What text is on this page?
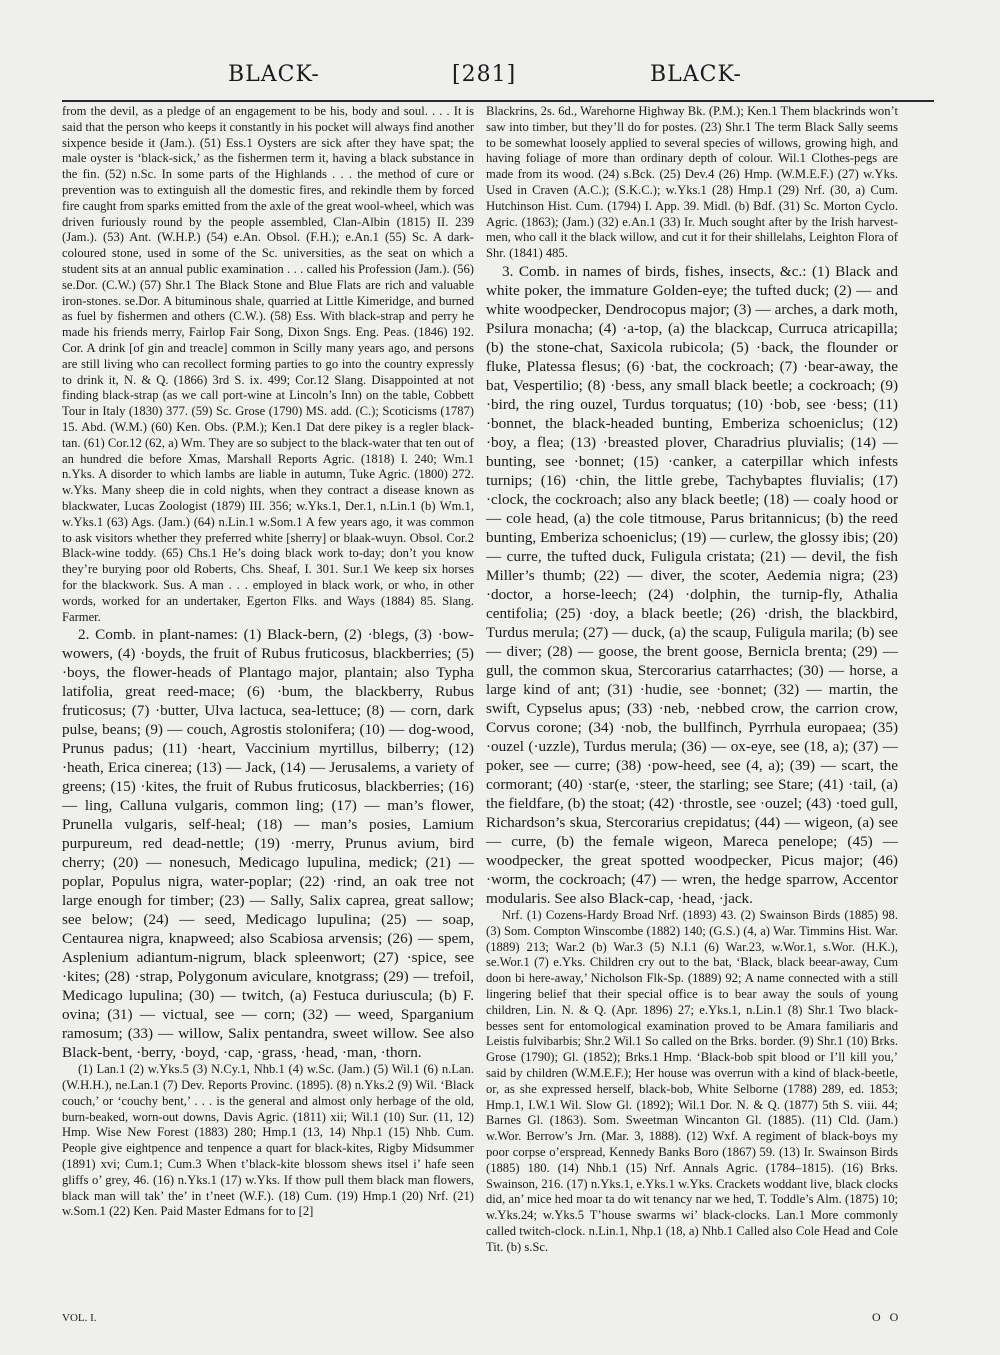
BLACK-	[281]	BLACK-

from the devil, as a pledge of an engagement to be his, body and soul. . . . It is said that the person who keeps it constantly in his pocket will always find another sixpence beside it (Jam.). (51) Ess.1 Oysters are sick after they have spat; the male oyster is ‘black-sick,’ as the fishermen term it, having a black substance in the fin. (52) n.Sc. In some parts of the Highlands . . . the method of cure or prevention was to extinguish all the domestic fires, and rekindle them by forced fire caught from sparks emitted from the axle of the great wool-wheel, which was driven furiously round by the people assembled, Clan-Albin (1815) II. 239 (Jam.). (53) Ant. (W.H.P.) (54) e.An. Obsol. (F.H.); e.An.1 (55) Sc. A dark-coloured stone, used in some of the Sc. universities, as the seat on which a student sits at an annual public examination . . . called his Profession (Jam.). (56) se.Dor. (C.W.) (57) Shr.1 The Black Stone and Blue Flats are rich and valuable iron-stones. se.Dor. A bituminous shale, quarried at Little Kimeridge, and burned as fuel by fishermen and others (C.W.). (58) Ess. With black-strap and perry he made his friends merry, Fairlop Fair Song, Dixon Sngs. Eng. Peas. (1846) 192. Cor. A drink [of gin and treacle] common in Scilly many years ago, and persons are still living who can recollect forming parties to go into the country expressly to drink it, N. & Q. (1866) 3rd S. ix. 499; Cor.12 Slang. Disappointed at not finding black-strap (as we call port-wine at Lincoln’s Inn) on the table, Cobbett Tour in Italy (1830) 377. (59) Sc. Grose (1790) MS. add. (C.); Scoticisms (1787) 15. Abd. (W.M.) (60) Ken. Obs. (P.M.); Ken.1 Dat dere pikey is a regler black-tan. (61) Cor.12 (62, a) Wm. They are so subject to the black-water that ten out of an hundred die before Xmas, Marshall Reports Agric. (1818) I. 240; Wm.1 n.Yks. A disorder to which lambs are liable in autumn, Tuke Agric. (1800) 272. w.Yks. Many sheep die in cold nights, when they contract a disease known as blackwater, Lucas Zoologist (1879) III. 356; w.Yks.1, Der.1, n.Lin.1 (b) Wm.1, w.Yks.1 (63) Ags. (Jam.) (64) n.Lin.1 w.Som.1 A few years ago, it was common to ask visitors whether they preferred white [sherry] or blaak-wuyn. Obsol. Cor.2 Black-wine toddy. (65) Chs.1 He’s doing black work to-day; don’t you know they’re burying poor old Roberts, Chs. Sheaf, I. 301. Sur.1 We keep six horses for the blackwork. Sus. A man . . . employed in black work, or who, in other words, worked for an undertaker, Egerton Flks. and Ways (1884) 85. Slang. Farmer.

2. Comb. in plant-names: (1) Black-bern, (2) ·blegs, (3) ·bow-wowers, (4) ·boyds, the fruit of Rubus fruticosus, blackberries; (5) ·boys, the flower-heads of Plantago major, plantain; also Typha latifolia, great reed-mace; (6) ·bum, the blackberry, Rubus fruticosus; (7) ·butter, Ulva lactuca, sea-lettuce; (8) — corn, dark pulse, beans; (9) — couch, Agrostis stolonifera; (10) — dog-wood, Prunus padus; (11) ·heart, Vaccinium myrtillus, bilberry; (12) ·heath, Erica cinerea; (13) — Jack, (14) — Jerusalems, a variety of greens; (15) ·kites, the fruit of Rubus fruticosus, blackberries; (16) — ling, Calluna vulgaris, common ling; (17) — man’s flower, Prunella vulgaris, self-heal; (18) — man’s posies, Lamium purpureum, red dead-nettle; (19) ·merry, Prunus avium, bird cherry; (20) — nonesuch, Medicago lupulina, medick; (21) — poplar, Populus nigra, water-poplar; (22) ·rind, an oak tree not large enough for timber; (23) — Sally, Salix caprea, great sallow; see below; (24) — seed, Medicago lupulina; (25) — soap, Centaurea nigra, knapweed; also Scabiosa arvensis; (26) — spem, Asplenium adiantum-nigrum, black spleenwort; (27) ·spice, see ·kites; (28) ·strap, Polygonum aviculare, knotgrass; (29) — trefoil, Medicago lupulina; (30) — twitch, (a) Festuca duriuscula; (b) F. ovina; (31) — victual, see — corn; (32) — weed, Sparganium ramosum; (33) — willow, Salix pentandra, sweet willow. See also Black-bent, ·berry, ·boyd, ·cap, ·grass, ·head, ·man, ·thorn.

(1) Lan.1 (2) w.Yks.5 (3) N.Cy.1, Nhb.1 (4) w.Sc. (Jam.) (5) Wil.1 (6) n.Lan. (W.H.H.), ne.Lan.1 (7) Dev. Reports Provinc. (1895). (8) n.Yks.2 (9) Wil. ‘Black couch,’ or ‘couchy bent,’ . . . is the general and almost only herbage of the old, burn-beaked, worn-out downs, Davis Agric. (1811) xii; Wil.1 (10) Sur. (11, 12) Hmp. Wise New Forest (1883) 280; Hmp.1 (13, 14) Nhp.1 (15) Nhb. Cum. People give eightpence and tenpence a quart for black-kites, Rigby Midsummer (1891) xvi; Cum.1; Cum.3 When t’black-kite blossom shews itsel i’ hafe seen gliffs o’ grey, 46. (16) n.Yks.1 (17) w.Yks. If thow pull them black man flowers, black man will tak’ the’ in t’neet (W.F.). (18) Cum. (19) Hmp.1 (20) Nrf. (21) w.Som.1 (22) Ken. Paid Master Edmans for to [2]

Blackrins, 2s. 6d., Warehorne Highway Bk. (P.M.); Ken.1 Them blackrinds won’t saw into timber, but they’ll do for postes. (23) Shr.1 The term Black Sally seems to be somewhat loosely applied to several species of willows, growing high, and having foliage of more than ordinary depth of colour. Wil.1 Clothes-pegs are made from its wood. (24) s.Bck. (25) Dev.4 (26) Hmp. (W.M.E.F.) (27) w.Yks. Used in Craven (A.C.); (S.K.C.); w.Yks.1 (28) Hmp.1 (29) Nrf. (30, a) Cum. Hutchinson Hist. Cum. (1794) I. App. 39. Midl. (b) Bdf. (31) Sc. Morton Cyclo. Agric. (1863); (Jam.) (32) e.An.1 (33) Ir. Much sought after by the Irish harvest-men, who call it the black willow, and cut it for their shillelahs, Leighton Flora of Shr. (1841) 485.

3. Comb. in names of birds, fishes, insects, &c.: (1) Black and white poker, the immature Golden-eye; the tufted duck; (2) — and white woodpecker, Dendrocopus major; (3) — arches, a dark moth, Psilura monacha; (4) ·a-top, (a) the blackcap, Curruca atricapilla; (b) the stone-chat, Saxicola rubicola; (5) ·back, the flounder or fluke, Platessa flesus; (6) ·bat, the cockroach; (7) ·bear-away, the bat, Vespertilio; (8) ·bess, any small black beetle; a cockroach; (9) ·bird, the ring ouzel, Turdus torquatus; (10) ·bob, see ·bess; (11) ·bonnet, the black-headed bunting, Emberiza schoeniclus; (12) ·boy, a flea; (13) ·breasted plover, Charadrius pluvialis; (14) — bunting, see ·bonnet; (15) ·canker, a caterpillar which infests turnips; (16) ·chin, the little grebe, Tachybaptes fluvialis; (17) ·clock, the cockroach; also any black beetle; (18) — coaly hood or — cole head, (a) the cole titmouse, Parus britannicus; (b) the reed bunting, Emberiza schoeniclus; (19) — curlew, the glossy ibis; (20) — curre, the tufted duck, Fuligula cristata; (21) — devil, the fish Miller’s thumb; (22) — diver, the scoter, Aedemia nigra; (23) ·doctor, a horse-leech; (24) ·dolphin, the turnip-fly, Athalia centifolia; (25) ·doy, a black beetle; (26) ·drish, the blackbird, Turdus merula; (27) — duck, (a) the scaup, Fuligula marila; (b) see — diver; (28) — goose, the brent goose, Bernicla brenta; (29) — gull, the common skua, Stercorarius catarrhactes; (30) — horse, a large kind of ant; (31) ·hudie, see ·bonnet; (32) — martin, the swift, Cypselus apus; (33) ·neb, ·nebbed crow, the carrion crow, Corvus corone; (34) ·nob, the bullfinch, Pyrrhula europaea; (35) ·ouzel (·uzzle), Turdus merula; (36) — ox-eye, see (18, a); (37) — poker, see — curre; (38) ·pow-heed, see (4, a); (39) — scart, the cormorant; (40) ·star(e, ·steer, the starling; see Stare; (41) ·tail, (a) the fieldfare, (b) the stoat; (42) ·throstle, see ·ouzel; (43) ·toed gull, Richardson’s skua, Stercorarius crepidatus; (44) — wigeon, (a) see — curre, (b) the female wigeon, Mareca penelope; (45) — woodpecker, the great spotted woodpecker, Picus major; (46) ·worm, the cockroach; (47) — wren, the hedge sparrow, Accentor modularis. See also Black-cap, ·head, ·jack.

Nrf. (1) Cozens-Hardy Broad Nrf. (1893) 43. (2) Swainson Birds (1885) 98. (3) Som. Compton Winscombe (1882) 140; (G.S.) (4, a) War. Timmins Hist. War. (1889) 213; War.2 (b) War.3 (5) N.I.1 (6) War.23, w.Wor.1, s.Wor. (H.K.), se.Wor.1 (7) e.Yks. Children cry out to the bat, ‘Black, black beear-away, Cum doon bi here-away,’ Nicholson Flk-Sp. (1889) 92; A name connected with a still lingering belief that their special office is to bear away the souls of young children, Lin. N. & Q. (Apr. 1896) 27; e.Yks.1, n.Lin.1 (8) Shr.1 Two black-besses sent for entomological examination proved to be Amara familiaris and Leistis fulvibarbis; Shr.2 Wil.1 So called on the Brks. border. (9) Shr.1 (10) Brks. Grose (1790); Gl. (1852); Brks.1 Hmp. ‘Black-bob spit blood or I’ll kill you,’ said by children (W.M.E.F.); Her house was overrun with a kind of black-beetle, or, as she expressed herself, black-bob, White Selborne (1788) 289, ed. 1853; Hmp.1, I.W.1 Wil. Slow Gl. (1892); Wil.1 Dor. N. & Q. (1877) 5th S. viii. 44; Barnes Gl. (1863). Som. Sweetman Wincanton Gl. (1885). (11) Cld. (Jam.) w.Wor. Berrow’s Jrn. (Mar. 3, 1888). (12) Wxf. A regiment of black-boys my poor corpse o’erspread, Kennedy Banks Boro (1867) 59. (13) Ir. Swainson Birds (1885) 180. (14) Nhb.1 (15) Nrf. Annals Agric. (1784–1815). (16) Brks. Swainson, 216. (17) n.Yks.1, e.Yks.1 w.Yks. Crackets woddant live, black clocks did, an’ mice hed moar ta do wit tenancy nar we hed, T. Toddle’s Alm. (1875) 10; w.Yks.24; w.Yks.5 T’house swarms wi’ black-clocks. Lan.1 More commonly called twitch-clock. n.Lin.1, Nhp.1 (18, a) Nhb.1 Called also Cole Head and Cole Tit. (b) s.Sc.

VOL. I.	O O
